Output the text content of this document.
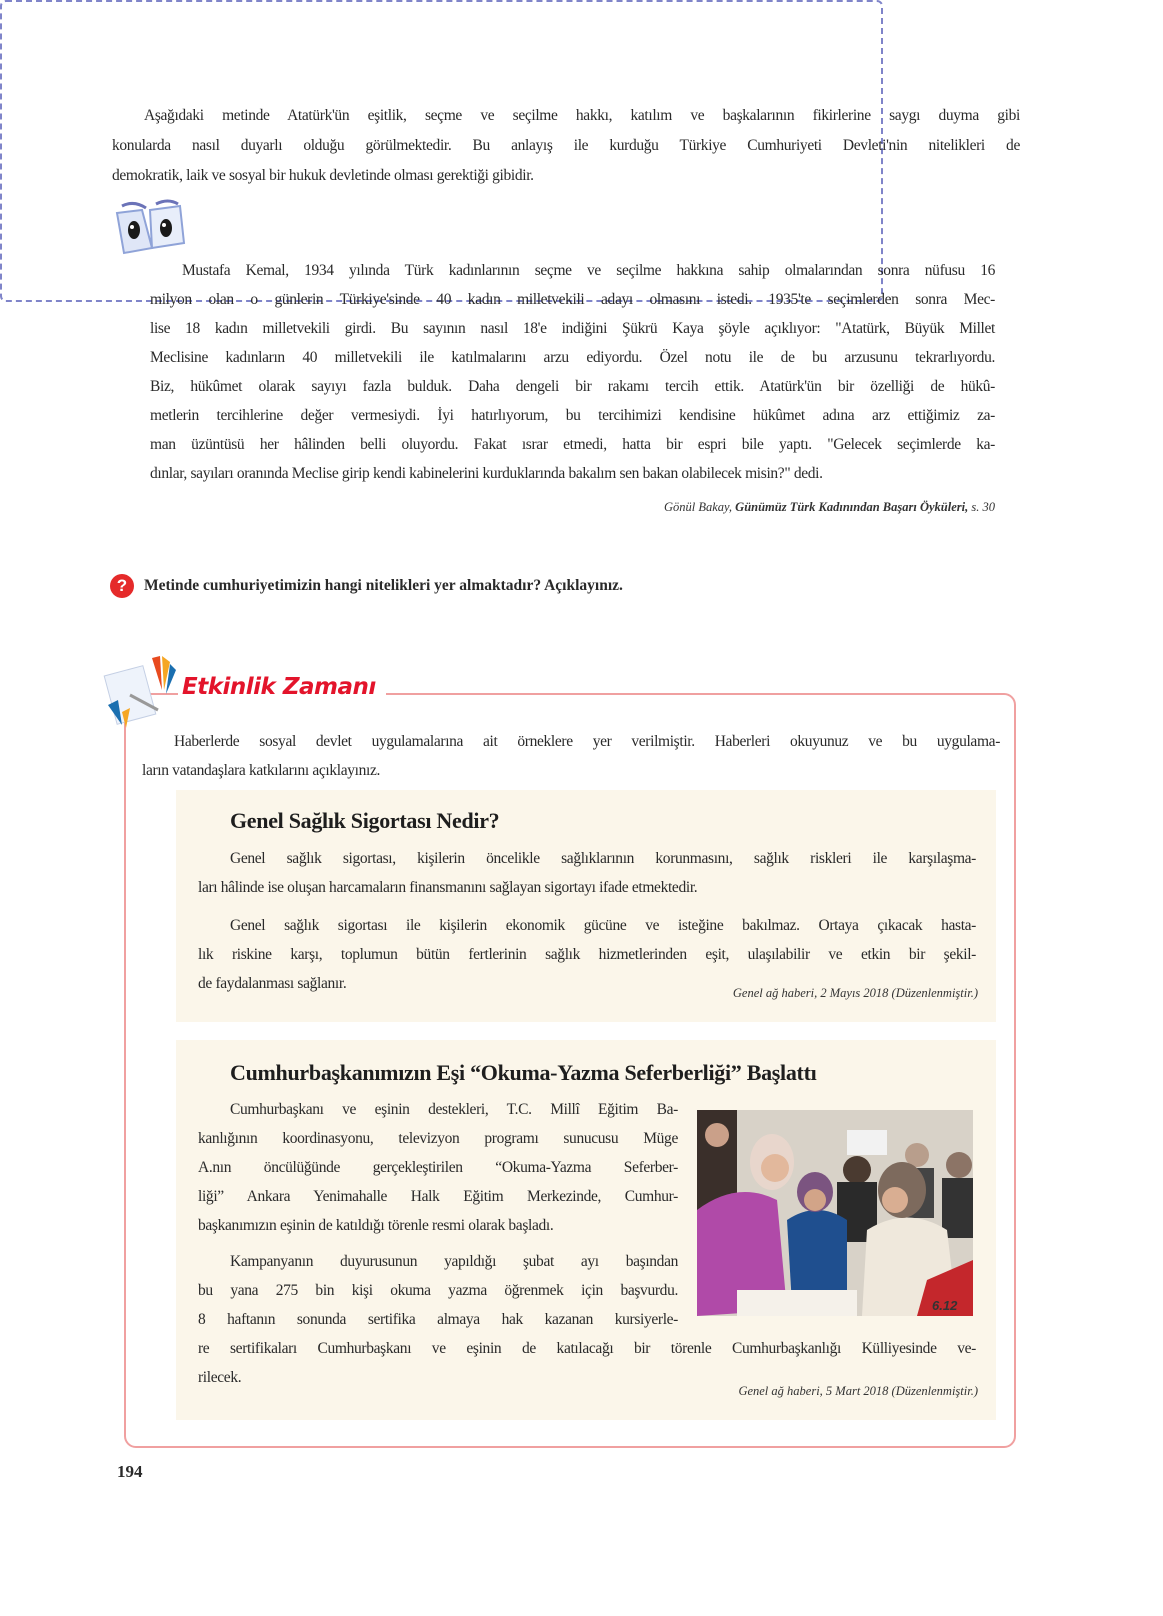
Aşağıdaki metinde Atatürk'ün eşitlik, seçme ve seçilme hakkı, katılım ve başkalarının fikirlerine saygı duyma gibi
konularda nasıl duyarlı olduğu görülmektedir. Bu anlayış ile kurduğu Türkiye Cumhuriyeti Devleti'nin nitelikleri de
demokratik, laik ve sosyal bir hukuk devletinde olması gerektiği gibidir.
Mustafa Kemal, 1934 yılında Türk kadınlarının seçme ve seçilme hakkına sahip olmalarından sonra nüfusu 16
milyon olan o günlerin Türkiye'sinde 40 kadın milletvekili adayı olmasını istedi. 1935'te seçimlerden sonra Mec-
lise 18 kadın milletvekili girdi. Bu sayının nasıl 18'e indiğini Şükrü Kaya şöyle açıklıyor: "Atatürk, Büyük Millet
Meclisine kadınların 40 milletvekili ile katılmalarını arzu ediyordu. Özel notu ile de bu arzusunu tekrarlıyordu.
Biz, hükûmet olarak sayıyı fazla bulduk. Daha dengeli bir rakamı tercih ettik. Atatürk'ün bir özelliği de hükû-
metlerin tercihlerine değer vermesiydi. İyi hatırlıyorum, bu tercihimizi kendisine hükûmet adına arz ettiğimiz za-
man üzüntüsü her hâlinden belli oluyordu. Fakat ısrar etmedi, hatta bir espri bile yaptı. "Gelecek seçimlerde ka-
dınlar, sayıları oranında Meclise girip kendi kabinelerini kurduklarında bakalım sen bakan olabilecek misin?" dedi.
Gönül Bakay, Günümüz Türk Kadınından Başarı Öyküleri, s. 30
?	Metinde cumhuriyetimizin hangi nitelikleri yer almaktadır? Açıklayınız.
Etkinlik Zamanı
Haberlerde sosyal devlet uygulamalarına ait örneklere yer verilmiştir. Haberleri okuyunuz ve bu uygulama-
ların vatandaşlara katkılarını açıklayınız.
Genel Sağlık Sigortası Nedir?
Genel sağlık sigortası, kişilerin öncelikle sağlıklarının korunmasını, sağlık riskleri ile karşılaşma-
ları hâlinde ise oluşan harcamaların finansmanını sağlayan sigortayı ifade etmektedir.
Genel sağlık sigortası ile kişilerin ekonomik gücüne ve isteğine bakılmaz. Ortaya çıkacak hasta-
lık riskine karşı, toplumun bütün fertlerinin sağlık hizmetlerinden eşit, ulaşılabilir ve etkin bir şekil-
de faydalanması sağlanır.
Genel ağ haberi, 2 Mayıs 2018 (Düzenlenmiştir.)
Cumhurbaşkanımızın Eşi “Okuma-Yazma Seferberliği” Başlattı
Cumhurbaşkanı ve eşinin destekleri, T.C. Millî Eğitim Ba-
kanlığının koordinasyonu, televizyon programı sunucusu Müge
A.nın öncülüğünde gerçekleştirilen “Okuma-Yazma Seferber-
liği” Ankara Yenimahalle Halk Eğitim Merkezinde, Cumhur-
başkanımızın eşinin de katıldığı törenle resmi olarak başladı.
Kampanyanın duyurusunun yapıldığı şubat ayı başından
bu yana 275 bin kişi okuma yazma öğrenmek için başvurdu.
8 haftanın sonunda sertifika almaya hak kazanan kursiyerle-
re sertifikaları Cumhurbaşkanı ve eşinin de katılacağı bir törenle Cumhurbaşkanlığı Külliyesinde ve-
rilecek.
6.12
Genel ağ haberi, 5 Mart 2018 (Düzenlenmiştir.)
194
